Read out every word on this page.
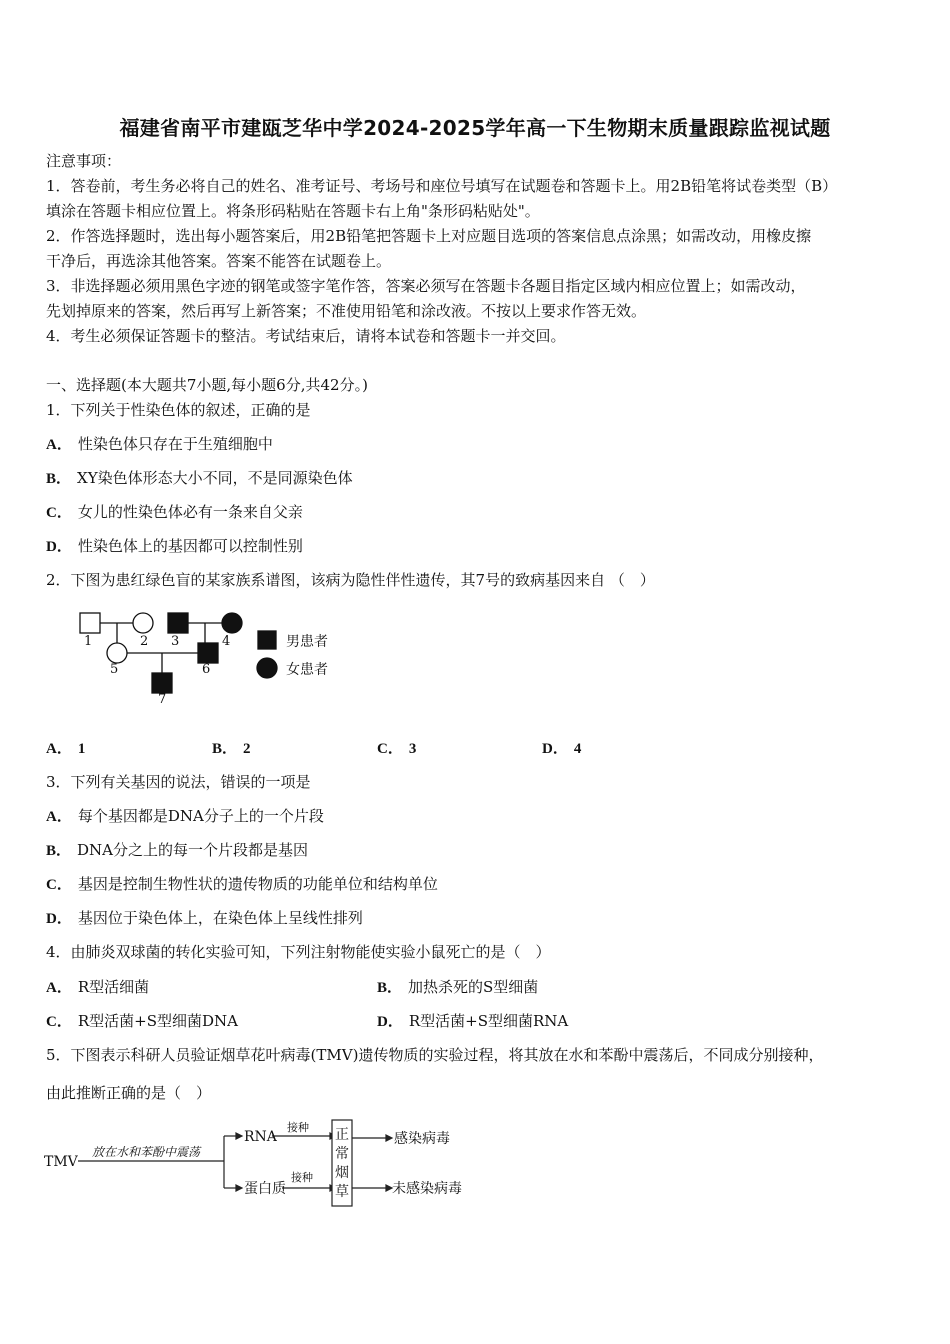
福建省南平市建瓯芝华中学2024-2025学年高一下生物期末质量跟踪监视试题
注意事项：
1．答卷前，考生务必将自己的姓名、准考证号、考场号和座位号填写在试题卷和答题卡上。用2B铅笔将试卷类型（B）
填涂在答题卡相应位置上。将条形码粘贴在答题卡右上角"条形码粘贴处"。
2．作答选择题时，选出每小题答案后，用2B铅笔把答题卡上对应题目选项的答案信息点涂黑；如需改动，用橡皮擦
干净后，再选涂其他答案。答案不能答在试题卷上。
3．非选择题必须用黑色字迹的钢笔或签字笔作答，答案必须写在答题卡各题目指定区域内相应位置上；如需改动，
先划掉原来的答案，然后再写上新答案；不准使用铅笔和涂改液。不按以上要求作答无效。
4．考生必须保证答题卡的整洁。考试结束后，请将本试卷和答题卡一并交回。
一、选择题(本大题共7小题,每小题6分,共42分。)
1．下列关于性染色体的叙述，正确的是
A． 性染色体只存在于生殖细胞中
B． XY染色体形态大小不同，不是同源染色体
C． 女儿的性染色体必有一条来自父亲
D． 性染色体上的基因都可以控制性别
2．下图为患红绿色盲的某家族系谱图，该病为隐性伴性遗传，其7号的致病基因来自 （　）
1	2 3	4
5	6
7
男患者
女患者
A． 1	B． 2	C． 3	D． 4
3．下列有关基因的说法，错误的一项是
A． 每个基因都是DNA分子上的一个片段
B． DNA分之上的每一个片段都是基因
C． 基因是控制生物性状的遗传物质的功能单位和结构单位
D． 基因位于染色体上，在染色体上呈线性排列
4．由肺炎双球菌的转化实验可知，下列注射物能使实验小鼠死亡的是（　）
A． R型活细菌	B． 加热杀死的S型细菌
C． R型活菌+S型细菌DNA	D． R型活菌+S型细菌RNA
5．下图表示科研人员验证烟草花叶病毒(TMV)遗传物质的实验过程，将其放在水和苯酚中震荡后，不同成分别接种，
由此推断正确的是（　）
TMV
放在水和苯酚中震荡
RNA
蛋白质
接种
接种
正
常
烟
草
感染病毒
未感染病毒
